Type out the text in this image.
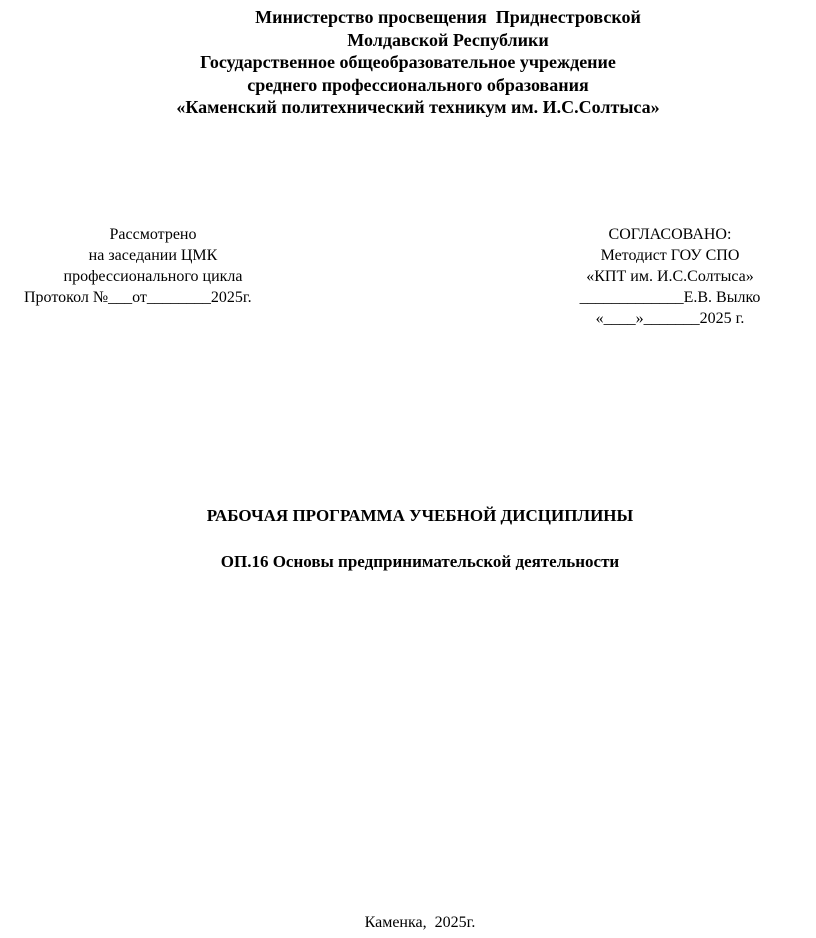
Министерство просвещения  Приднестровской
Молдавской Республики
Государственное общеобразовательное учреждение
среднего профессионального образования
«Каменский политехнический техникум им. И.С.Солтыса»
Рассмотрено
на заседании ЦМК
профессионального цикла
Протокол №___от________2025г.
СОГЛАСОВАНО:
Методист ГОУ СПО
«КПТ им. И.С.Солтыса»
_____________Е.В. Вылко
«____»_______2025 г.
РАБОЧАЯ ПРОГРАММА УЧЕБНОЙ ДИСЦИПЛИНЫ
ОП.16 Основы предпринимательской деятельности
Каменка,  2025г.
